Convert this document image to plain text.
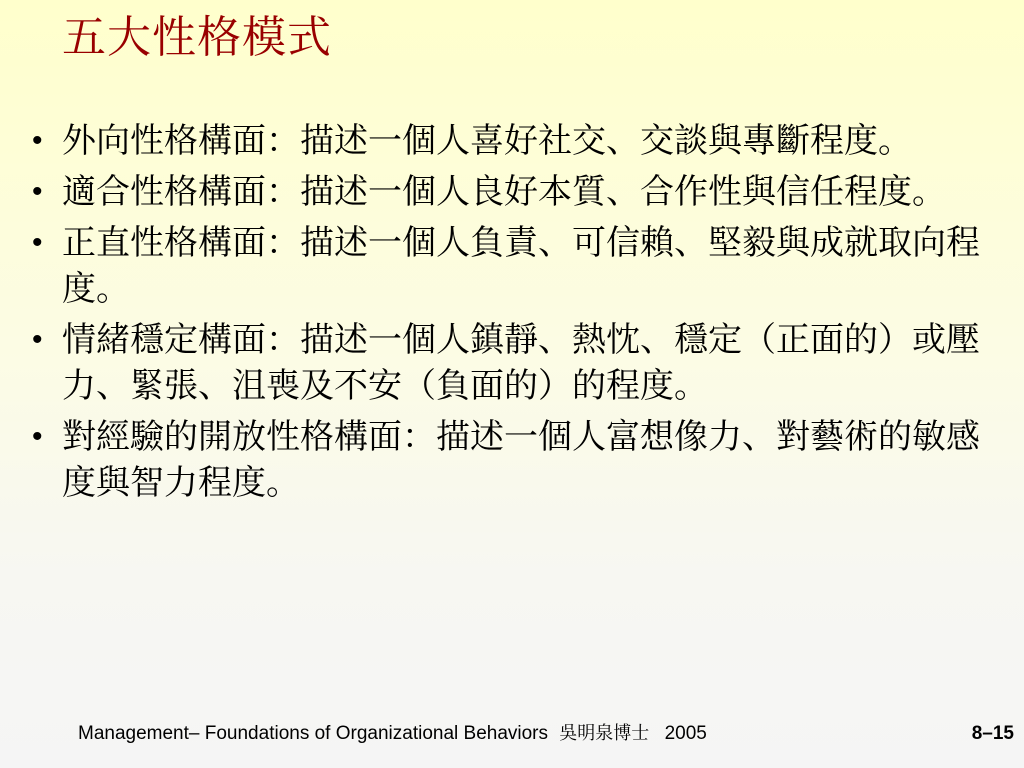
五大性格模式
• 外向性格構面：描述一個人喜好社交、交談與專斷程度。
• 適合性格構面：描述一個人良好本質、合作性與信任程度。
• 正直性格構面：描述一個人負責、可信賴、堅毅與成就取向程度。
• 情緒穩定構面：描述一個人鎮靜、熱忱、穩定（正面的）或壓力、緊張、沮喪及不安（負面的）的程度。
• 對經驗的開放性格構面：描述一個人富想像力、對藝術的敏感度與智力程度。
Management– Foundations of Organizational Behaviors 吳明泉博士 2005	8–15
